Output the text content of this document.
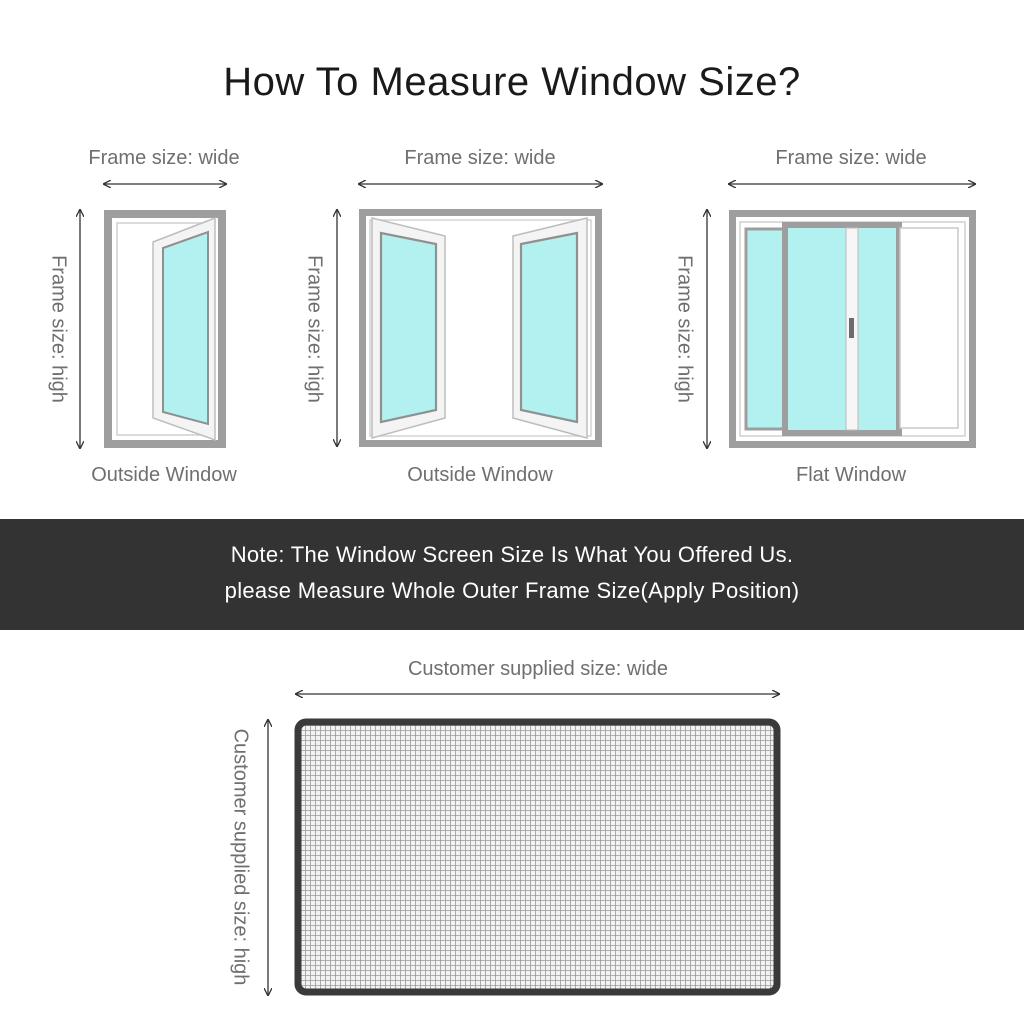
How To Measure Window Size?
Frame size: wide
Frame size: high
Outside Window
Frame size: wide
Frame size: high
Outside Window
Frame size: wide
Frame size: high
Flat Window

Note: The Window Screen Size Is What You Offered Us.

please Measure Whole Outer Frame Size(Apply Position)

Customer supplied size: wide
Customer supplied size: high
